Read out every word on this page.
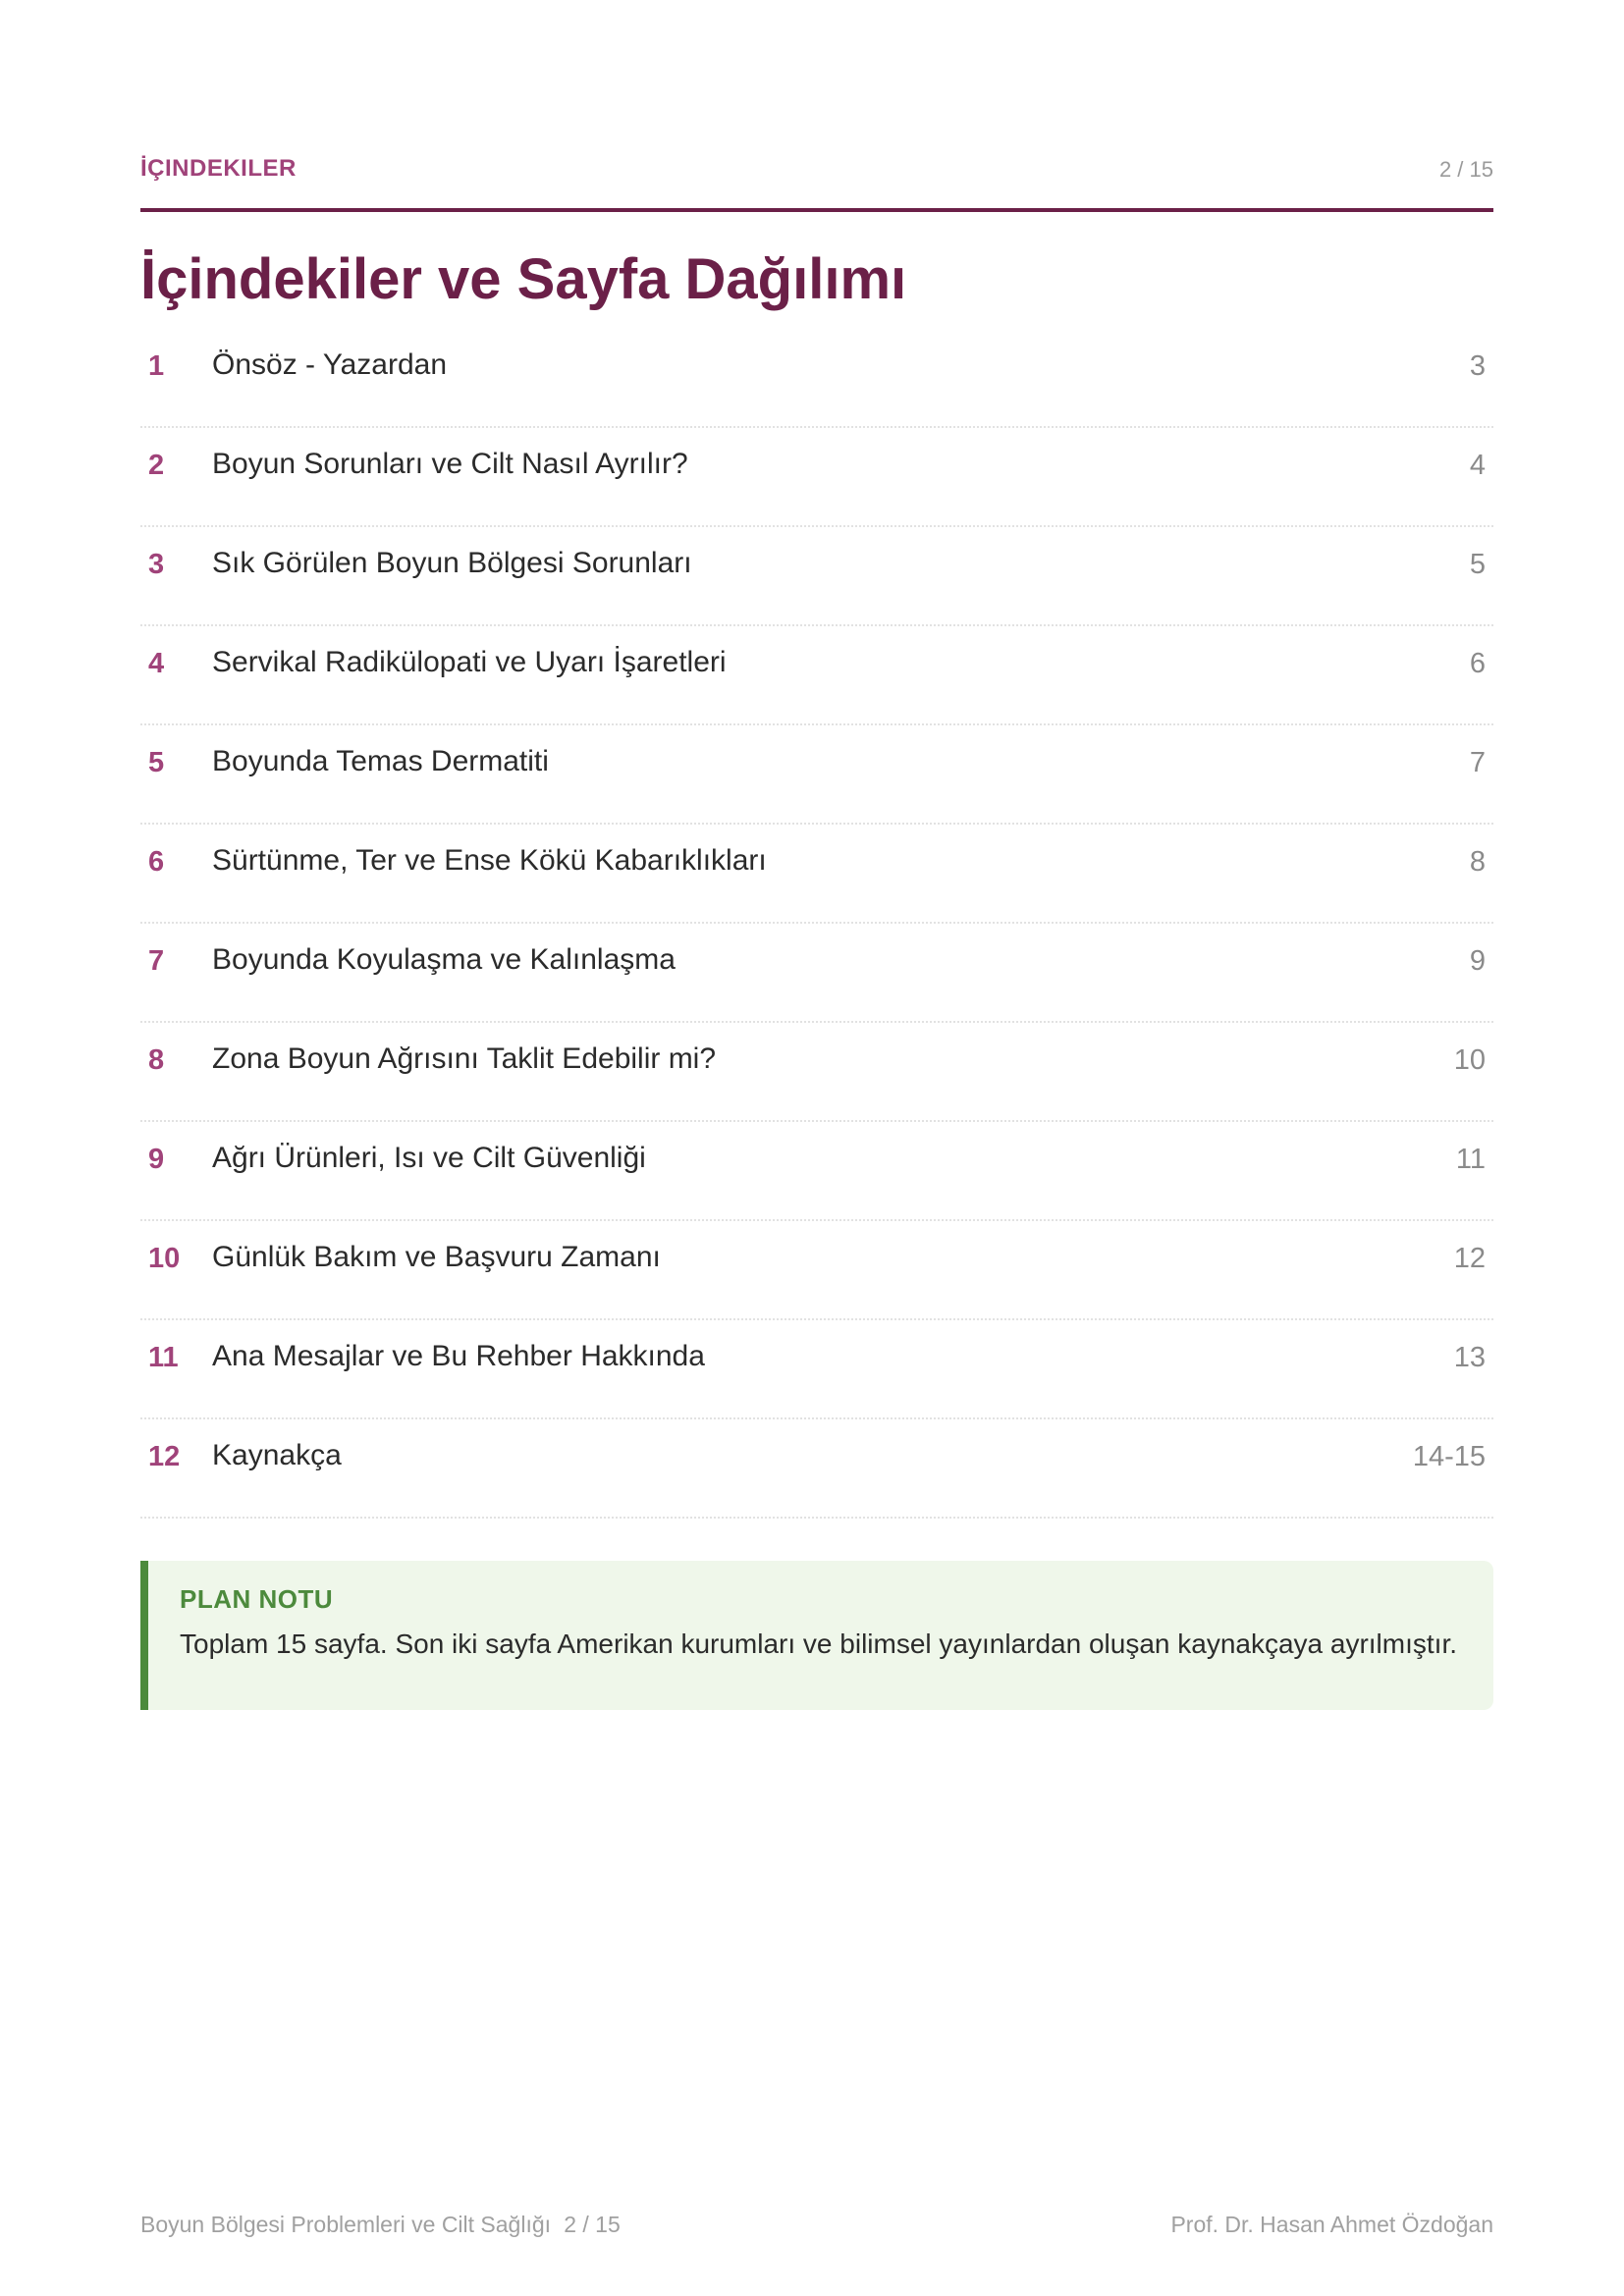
İÇINDEKILER	2 / 15
İçindekiler ve Sayfa Dağılımı
1 Önsöz - Yazardan	3
2 Boyun Sorunları ve Cilt Nasıl Ayrılır?	4
3 Sık Görülen Boyun Bölgesi Sorunları	5
4 Servikal Radikülopati ve Uyarı İşaretleri	6
5 Boyunda Temas Dermatiti	7
6 Sürtünme, Ter ve Ense Kökü Kabarıklıkları	8
7 Boyunda Koyulaşma ve Kalınlaşma	9
8 Zona Boyun Ağrısını Taklit Edebilir mi?	10
9 Ağrı Ürünleri, Isı ve Cilt Güvenliği	11
10 Günlük Bakım ve Başvuru Zamanı	12
11 Ana Mesajlar ve Bu Rehber Hakkında	13
12 Kaynakça	14-15

PLAN NOTU

Toplam 15 sayfa. Son iki sayfa Amerikan kurumları ve bilimsel yayınlardan oluşan kaynakçaya ayrılmıştır.

Boyun Bölgesi Problemleri ve Cilt Sağlığı 2 / 15	Prof. Dr. Hasan Ahmet Özdoğan
